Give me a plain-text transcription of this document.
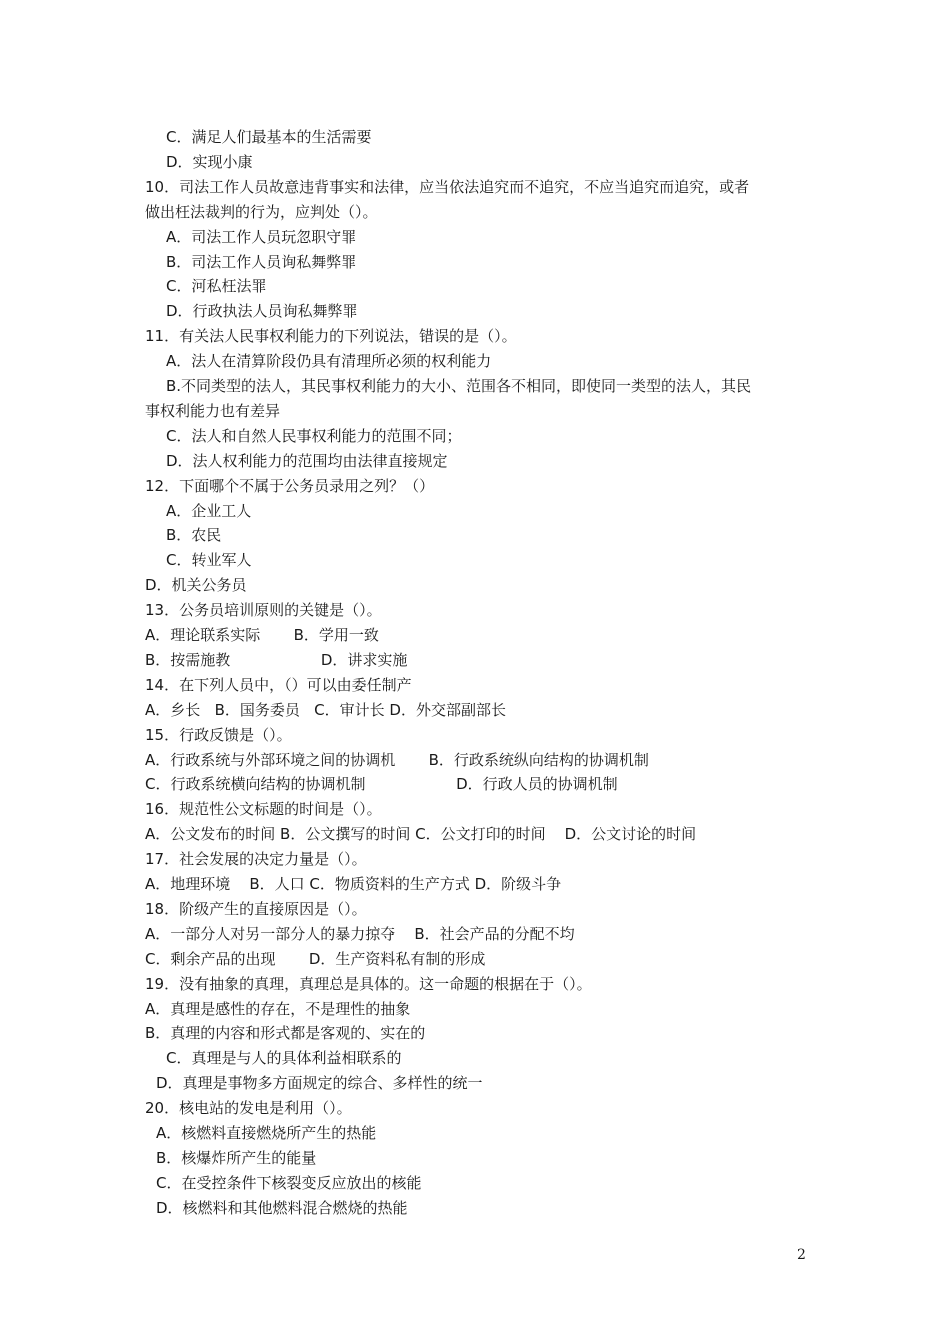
C．满足人们最基本的生活需要
D．实现小康
10．司法工作人员故意违背事实和法律，应当依法追究而不追究，不应当追究而追究，或者
做出枉法裁判的行为，应判处（）。
A．司法工作人员玩忽职守罪
B．司法工作人员询私舞弊罪
C．河私枉法罪
D．行政执法人员询私舞弊罪
11．有关法人民事权利能力的下列说法，错误的是（）。
A．法人在清算阶段仍具有清理所必须的权利能力
B.不同类型的法人，其民事权利能力的大小、范围各不相同，即使同一类型的法人，其民
事权利能力也有差异
C．法人和自然人民事权利能力的范围不同；
D．法人权利能力的范围均由法律直接规定
12．下面哪个不属于公务员录用之列？（）
A．企业工人
B．农民
C．转业军人
D．机关公务员
13．公务员培训原则的关键是（）。
A．理论联系实际       B．学用一致
B．按需施教                   D．讲求实施
14．在下列人员中，（）可以由委任制产
A．乡长   B．国务委员   C．审计长 D．外交部副部长
15．行政反馈是（）。
A．行政系统与外部环境之间的协调机       B．行政系统纵向结构的协调机制
C．行政系统横向结构的协调机制                   D．行政人员的协调机制
16．规范性公文标题的时间是（）。
A．公文发布的时间 B．公文撰写的时间 C．公文打印的时间    D．公文讨论的时间
17．社会发展的决定力量是（）。
A．地理环境    B．人口 C．物质资料的生产方式 D．阶级斗争
18．阶级产生的直接原因是（）。
A．一部分人对另一部分人的暴力掠夺    B．社会产品的分配不均
C．剩余产品的出现       D．生产资料私有制的形成
19．没有抽象的真理，真理总是具体的。这一命题的根据在于（）。
A．真理是感性的存在，不是理性的抽象
B．真理的内容和形式都是客观的、实在的
C．真理是与人的具体利益相联系的
D．真理是事物多方面规定的综合、多样性的统一
20．核电站的发电是利用（）。
A．核燃料直接燃烧所产生的热能
B．核爆炸所产生的能量
C．在受控条件下核裂变反应放出的核能
D．核燃料和其他燃料混合燃烧的热能
2
